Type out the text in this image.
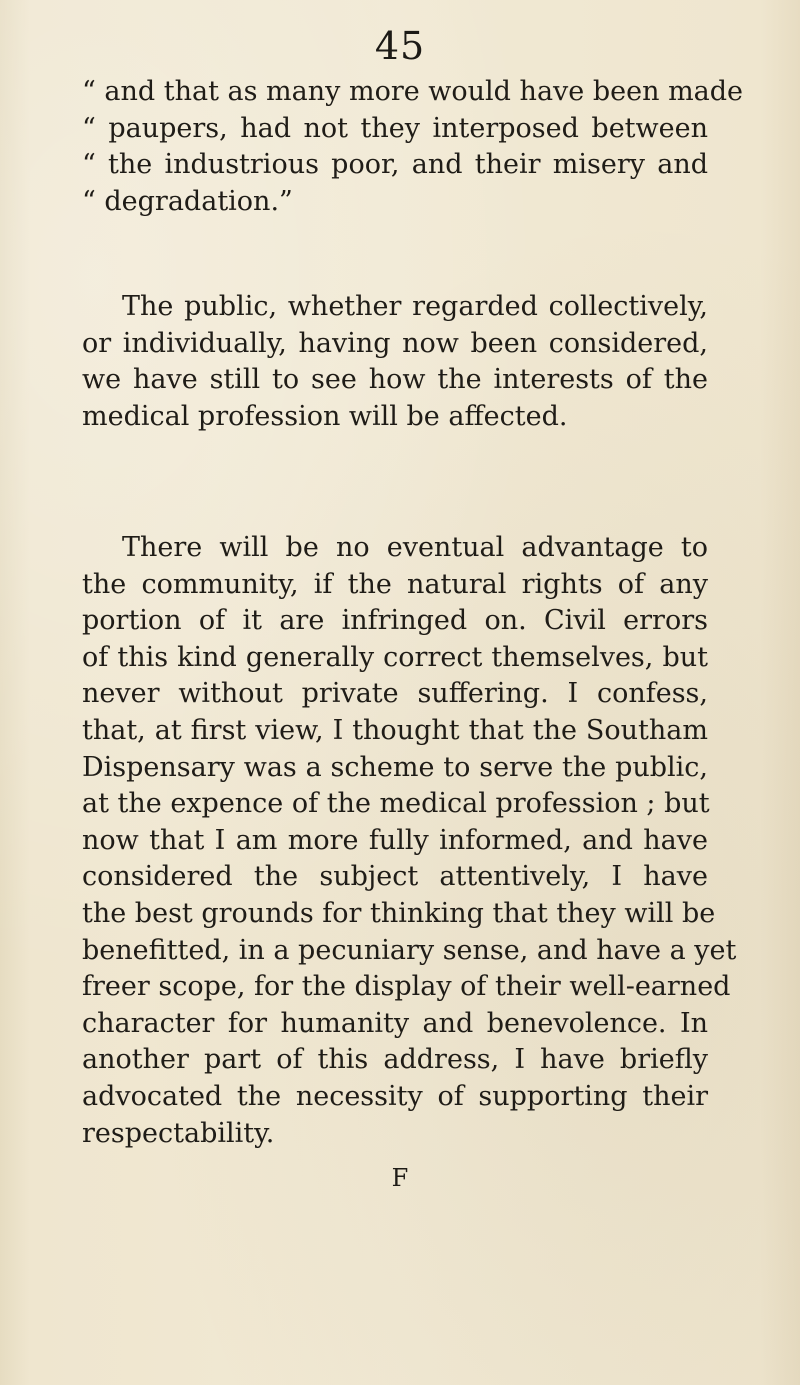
45
“ and that as many more would have been made
“ paupers, had not they interposed between
“ the industrious poor, and their misery and
“ degradation.”
The public, whether regarded collectively,
or individually, having now been considered,
we have still to see how the interests of the
medical profession will be affected.
There will be no eventual advantage to
the community, if the natural rights of any
portion of it are infringed on. Civil errors
of this kind generally correct themselves, but
never without private suffering. I confess,
that, at first view, I thought that the Southam
Dispensary was a scheme to serve the public,
at the expence of the medical profession ; but
now that I am more fully informed, and have
considered the subject attentively, I have
the best grounds for thinking that they will be
benefitted, in a pecuniary sense, and have a yet
freer scope, for the display of their well-earned
character for humanity and benevolence. In
another part of this address, I have briefly
advocated the necessity of supporting their
respectability.
F
